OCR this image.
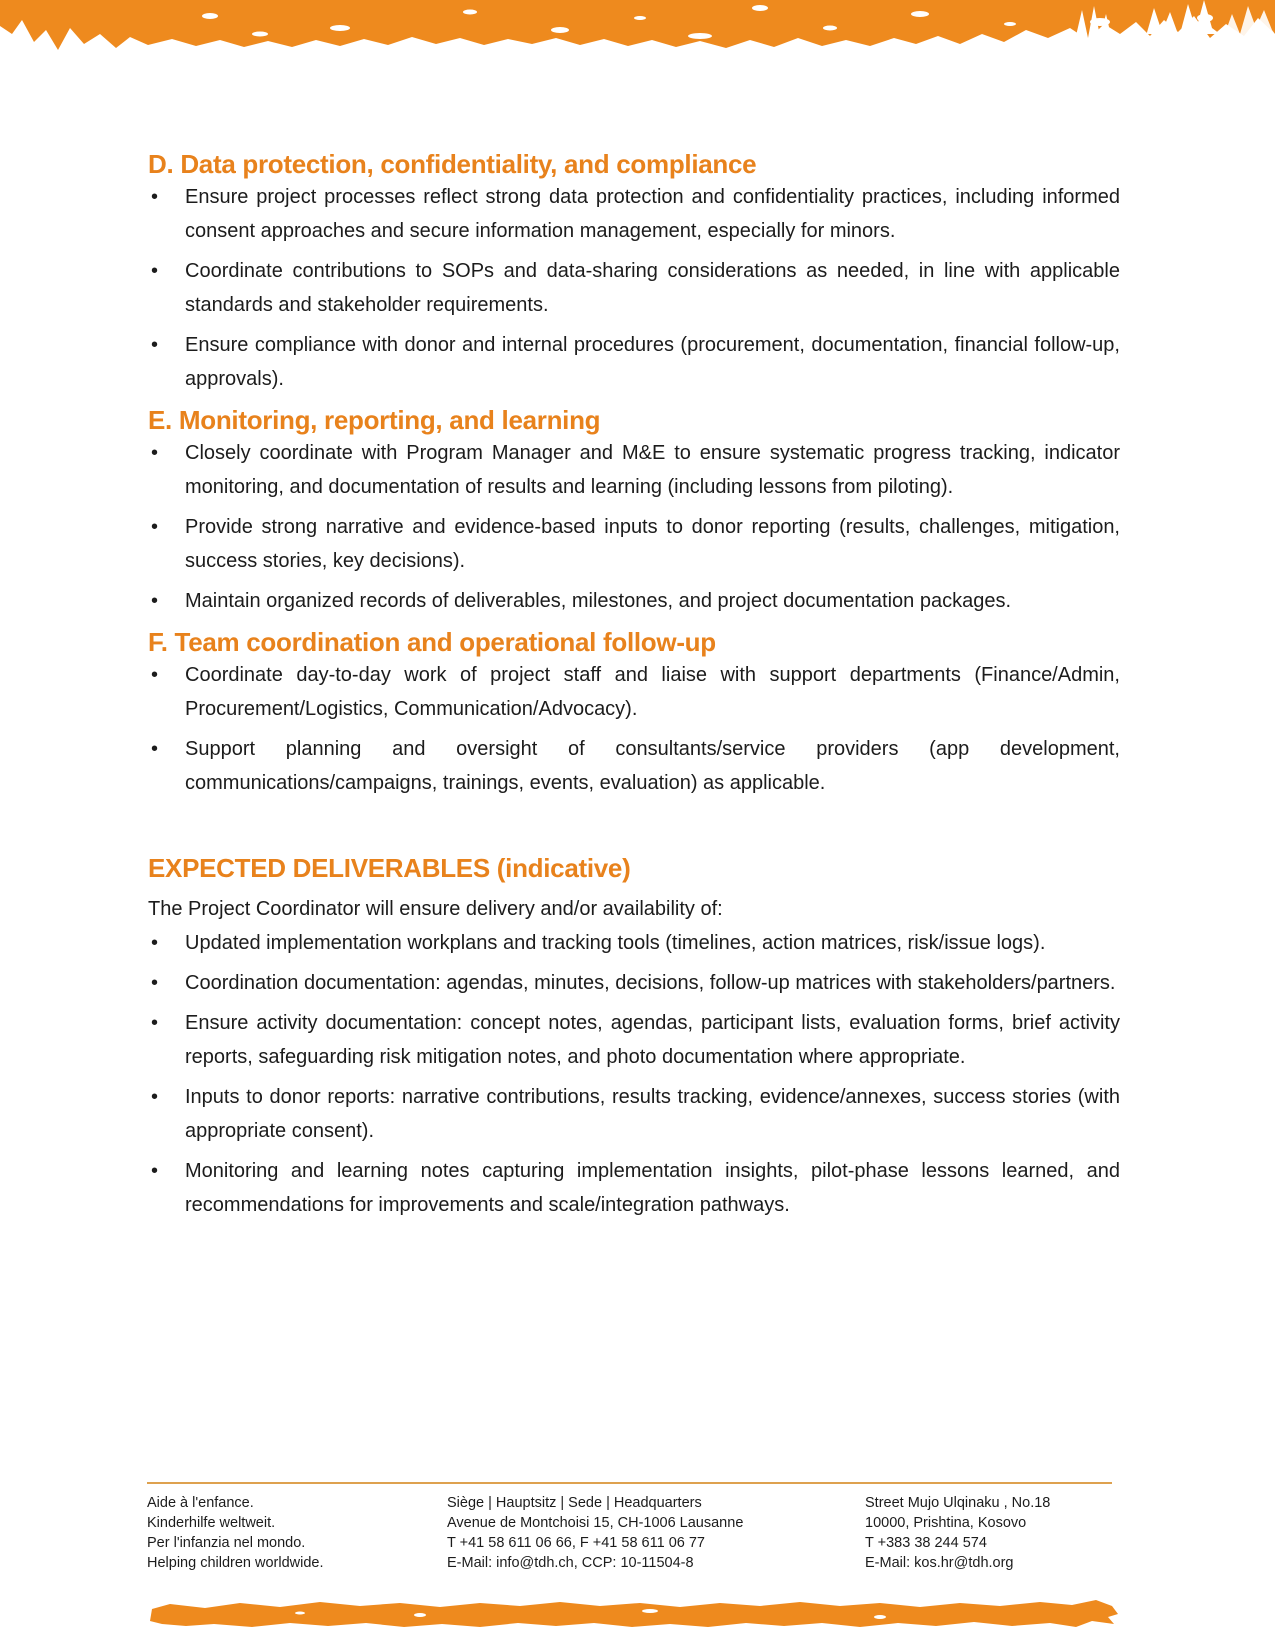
D. Data protection, confidentiality, and compliance
• Ensure project processes reflect strong data protection and confidentiality practices, including informed consent approaches and secure information management, especially for minors.
• Coordinate contributions to SOPs and data-sharing considerations as needed, in line with applicable standards and stakeholder requirements.
• Ensure compliance with donor and internal procedures (procurement, documentation, financial follow-up, approvals).
E. Monitoring, reporting, and learning
• Closely coordinate with Program Manager and M&E to ensure systematic progress tracking, indicator monitoring, and documentation of results and learning (including lessons from piloting).
• Provide strong narrative and evidence-based inputs to donor reporting (results, challenges, mitigation, success stories, key decisions).
• Maintain organized records of deliverables, milestones, and project documentation packages.
F. Team coordination and operational follow-up
• Coordinate day-to-day work of project staff and liaise with support departments (Finance/Admin, Procurement/Logistics, Communication/Advocacy).
• Support planning and oversight of consultants/service providers (app development, communications/campaigns, trainings, events, evaluation) as applicable.
EXPECTED DELIVERABLES (indicative)

The Project Coordinator will ensure delivery and/or availability of:

• Updated implementation workplans and tracking tools (timelines, action matrices, risk/issue logs).
• Coordination documentation: agendas, minutes, decisions, follow-up matrices with stakeholders/partners.
• Ensure activity documentation: concept notes, agendas, participant lists, evaluation forms, brief activity reports, safeguarding risk mitigation notes, and photo documentation where appropriate.
• Inputs to donor reports: narrative contributions, results tracking, evidence/annexes, success stories (with appropriate consent).
• Monitoring and learning notes capturing implementation insights, pilot-phase lessons learned, and recommendations for improvements and scale/integration pathways.
Aide à l'enfance.
Kinderhilfe weltweit.
Per l'infanzia nel mondo.
Helping children worldwide.
Siège | Hauptsitz | Sede | Headquarters
Avenue de Montchoisi 15, CH-1006 Lausanne
T +41 58 611 06 66, F +41 58 611 06 77
E-Mail: info@tdh.ch, CCP: 10-11504-8
Street Mujo Ulqinaku , No.18
10000, Prishtina, Kosovo
T +383 38 244 574
E-Mail: kos.hr@tdh.org
